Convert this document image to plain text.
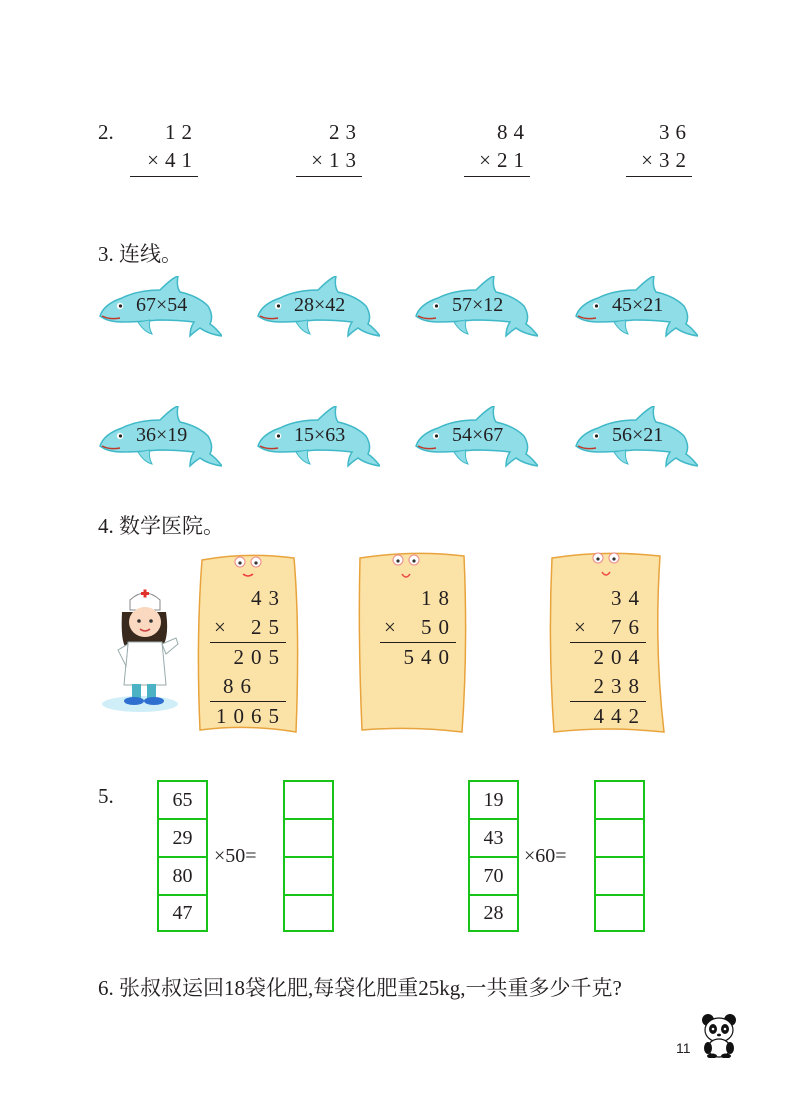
2.	12
×41
23
×13
84
×21
36
×32
3. 连线。
67×54	28×42	57×12	45×21
36×19	15×63	54×67	56×21
4. 数学医院。
43
× 25
205
86
1065
18
× 50
540
34
× 76
204
238
442
5.	65
29
80
47
×50=
19
43
70
28
×60=
6. 张叔叔运回18袋化肥,每袋化肥重25kg,一共重多少千克?
11
